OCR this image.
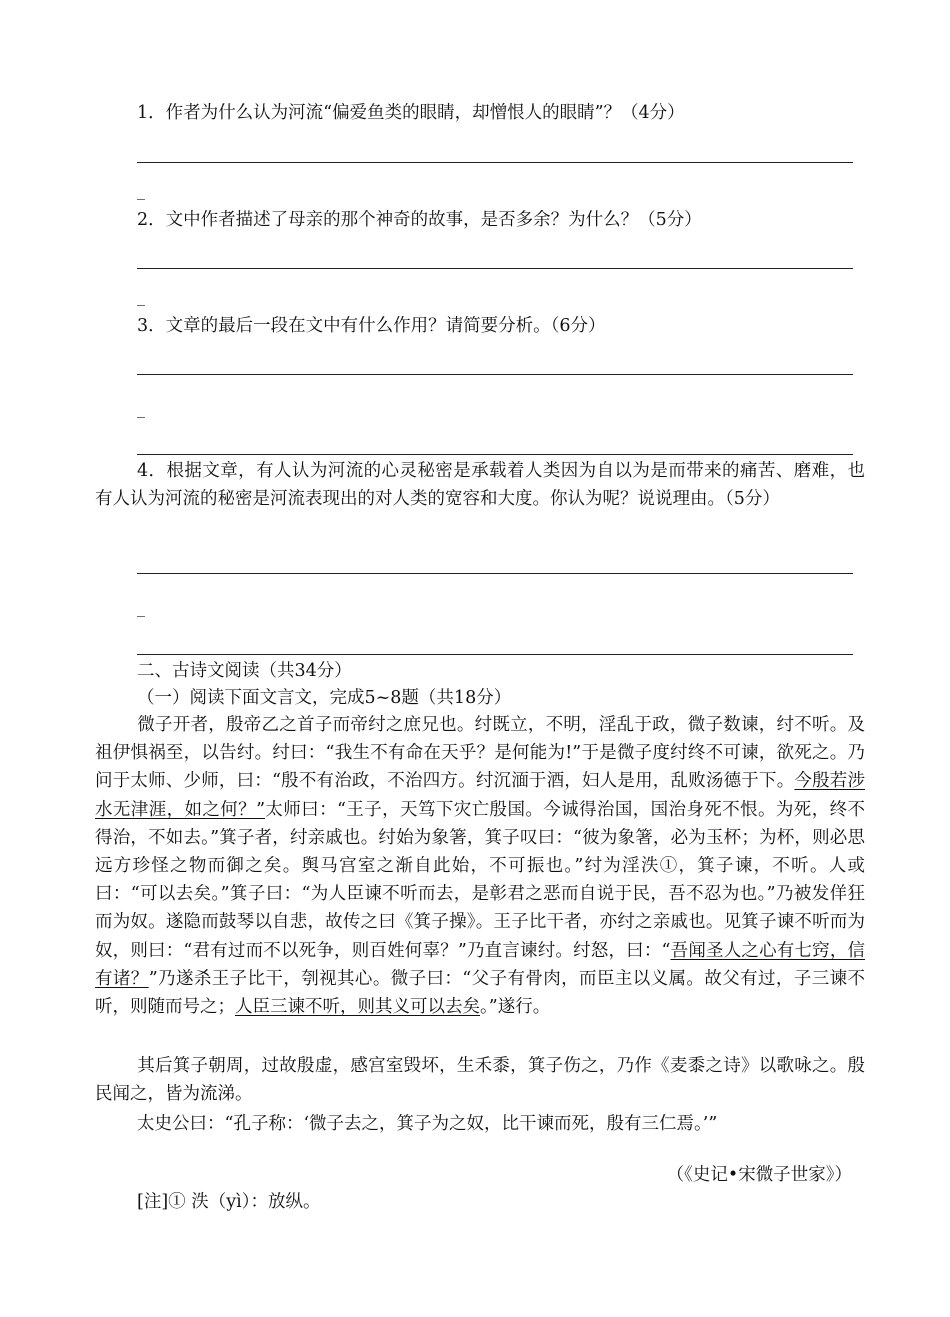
1．作者为什么认为河流“偏爱鱼类的眼睛，却憎恨人的眼睛”？（4分）
_
2．文中作者描述了母亲的那个神奇的故事，是否多余？为什么？（5分）
_
3．文章的最后一段在文中有什么作用？请简要分析。（6分）
_
4．根据文章，有人认为河流的心灵秘密是承载着人类因为自以为是而带来的痛苦、磨难，也有人认为河流的秘密是河流表现出的对人类的宽容和大度。你认为呢？说说理由。（5分）
_
二、古诗文阅读（共34分）
（一）阅读下面文言文，完成5~8题（共18分）
微子开者，殷帝乙之首子而帝纣之庶兄也。纣既立，不明，淫乱于政，微子数谏，纣不听。及祖伊惧祸至，以告纣。纣曰：“我生不有命在天乎？是何能为!”于是微子度纣终不可谏，欲死之。乃问于太师、少师，曰：“殷不有治政，不治四方。纣沉湎于酒，妇人是用，乱败汤德于下。今殷若涉水无津涯，如之何？”太师曰：“王子，天笃下灾亡殷国。今诚得治国，国治身死不恨。为死，终不得治，不如去。”箕子者，纣亲戚也。纣始为象箸，箕子叹曰：“彼为象箸，必为玉杯；为杯，则必思远方珍怪之物而御之矣。舆马宫室之渐自此始，不可振也。”纣为淫泆①，箕子谏，不听。人或曰：“可以去矣。”箕子曰：“为人臣谏不听而去，是彰君之恶而自说于民，吾不忍为也。”乃被发佯狂而为奴。遂隐而鼓琴以自悲，故传之曰《箕子操》。王子比干者，亦纣之亲戚也。见箕子谏不听而为奴，则曰：“君有过而不以死争，则百姓何辜？”乃直言谏纣。纣怒，曰：“吾闻圣人之心有七窍，信有诸？”乃遂杀王子比干，刳视其心。微子曰：“父子有骨肉，而臣主以义属。故父有过，子三谏不听，则随而号之；人臣三谏不听，则其义可以去矣。”遂行。
其后箕子朝周，过故殷虚，感宫室毁坏，生禾黍，箕子伤之，乃作《麦黍之诗》以歌咏之。殷民闻之，皆为流涕。
太史公曰：“孔子称：‘微子去之，箕子为之奴，比干谏而死，殷有三仁焉。’”
（《史记•宋微子世家》）
[注]① 泆（yì）：放纵。
